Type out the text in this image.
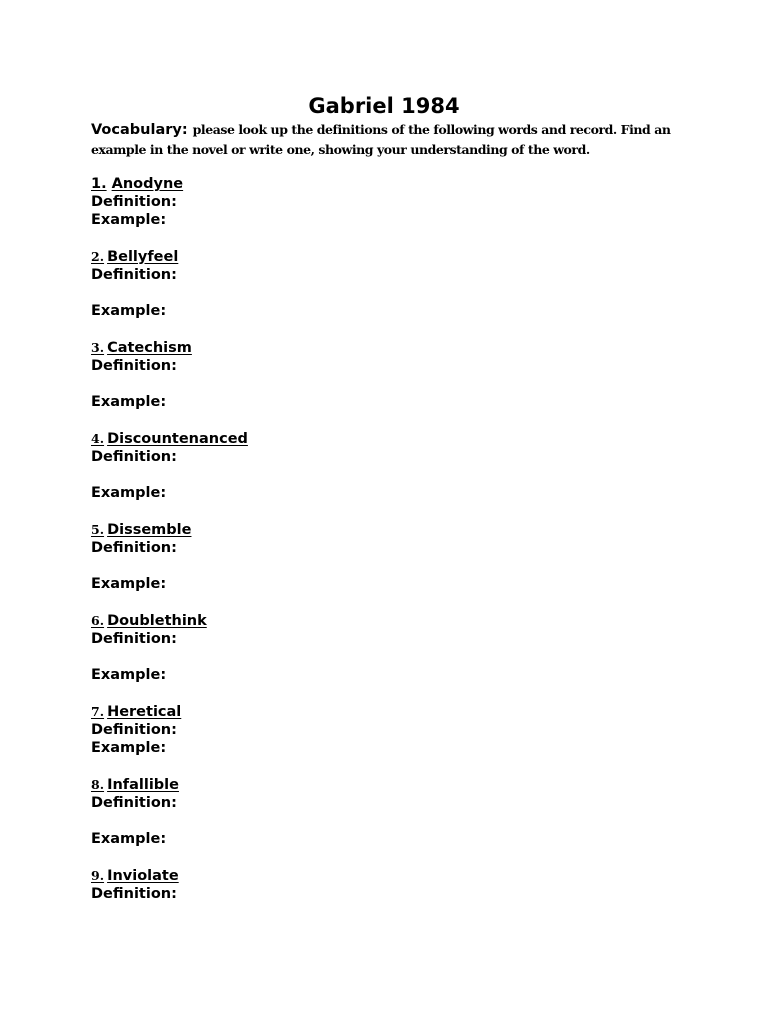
Gabriel 1984
Vocabulary: please look up the definitions of the following words and record. Find an example in the novel or write one, showing your understanding of the word.
1. Anodyne
Definition:
Example:
2. Bellyfeel
Definition:
Example:
3. Catechism
Definition:
Example:
4. Discountenanced
Definition:
Example:
5. Dissemble
Definition:
Example:
6. Doublethink
Definition:
Example:
7. Heretical
Definition:
Example:
8. Infallible
Definition:
Example:
9. Inviolate
Definition:
